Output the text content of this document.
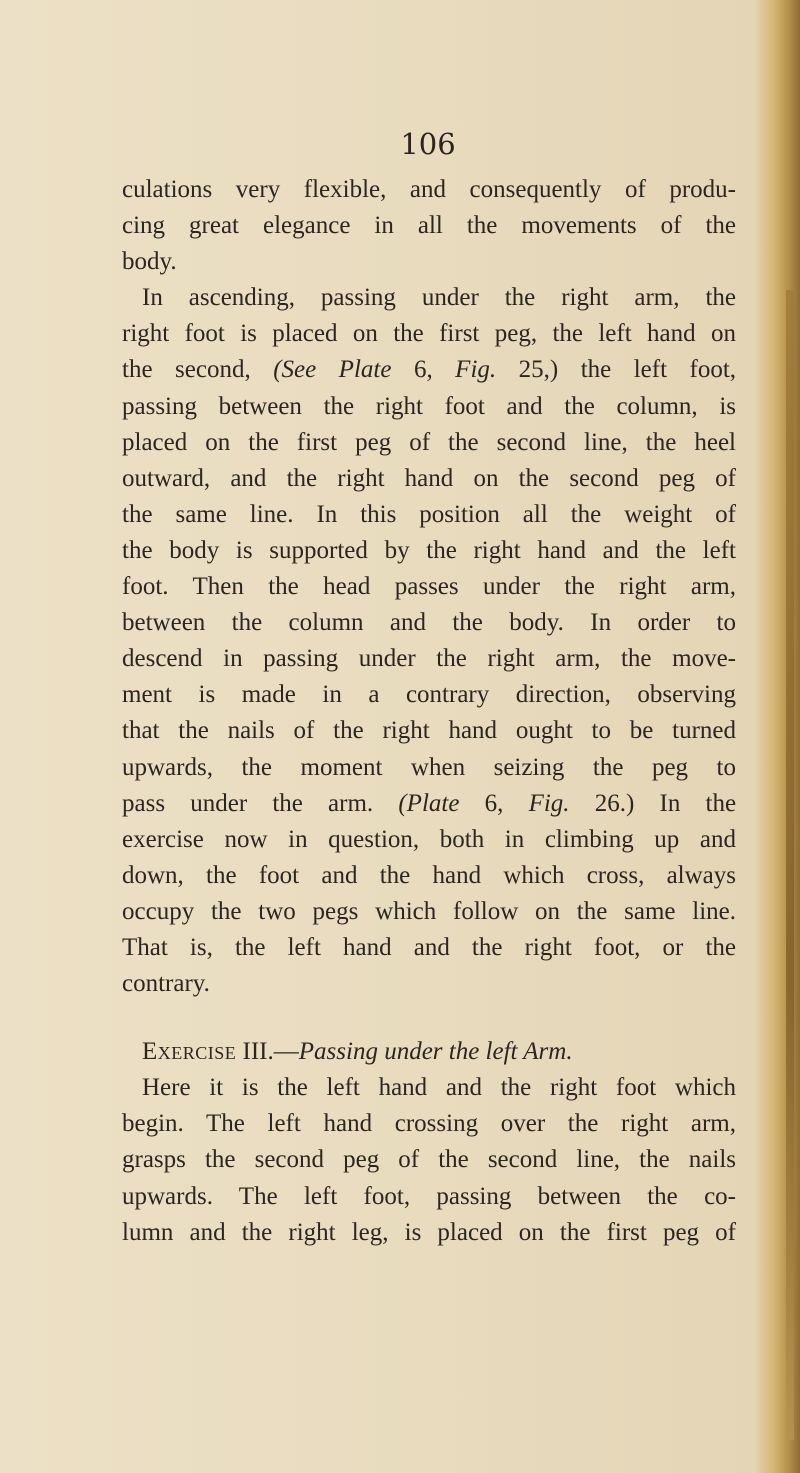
106
culations very flexible, and consequently of produ-
cing great elegance in all the movements of the
body.
In ascending, passing under the right arm, the
right foot is placed on the first peg, the left hand on
the second, (See Plate 6, Fig. 25,) the left foot,
passing between the right foot and the column, is
placed on the first peg of the second line, the heel
outward, and the right hand on the second peg of
the same line. In this position all the weight of
the body is supported by the right hand and the left
foot. Then the head passes under the right arm,
between the column and the body. In order to
descend in passing under the right arm, the move-
ment is made in a contrary direction, observing
that the nails of the right hand ought to be turned
upwards, the moment when seizing the peg to
pass under the arm. (Plate 6, Fig. 26.) In the
exercise now in question, both in climbing up and
down, the foot and the hand which cross, always
occupy the two pegs which follow on the same line.
That is, the left hand and the right foot, or the
contrary.
Exercise III.—Passing under the left Arm.
Here it is the left hand and the right foot which
begin. The left hand crossing over the right arm,
grasps the second peg of the second line, the nails
upwards. The left foot, passing between the co-
lumn and the right leg, is placed on the first peg of
